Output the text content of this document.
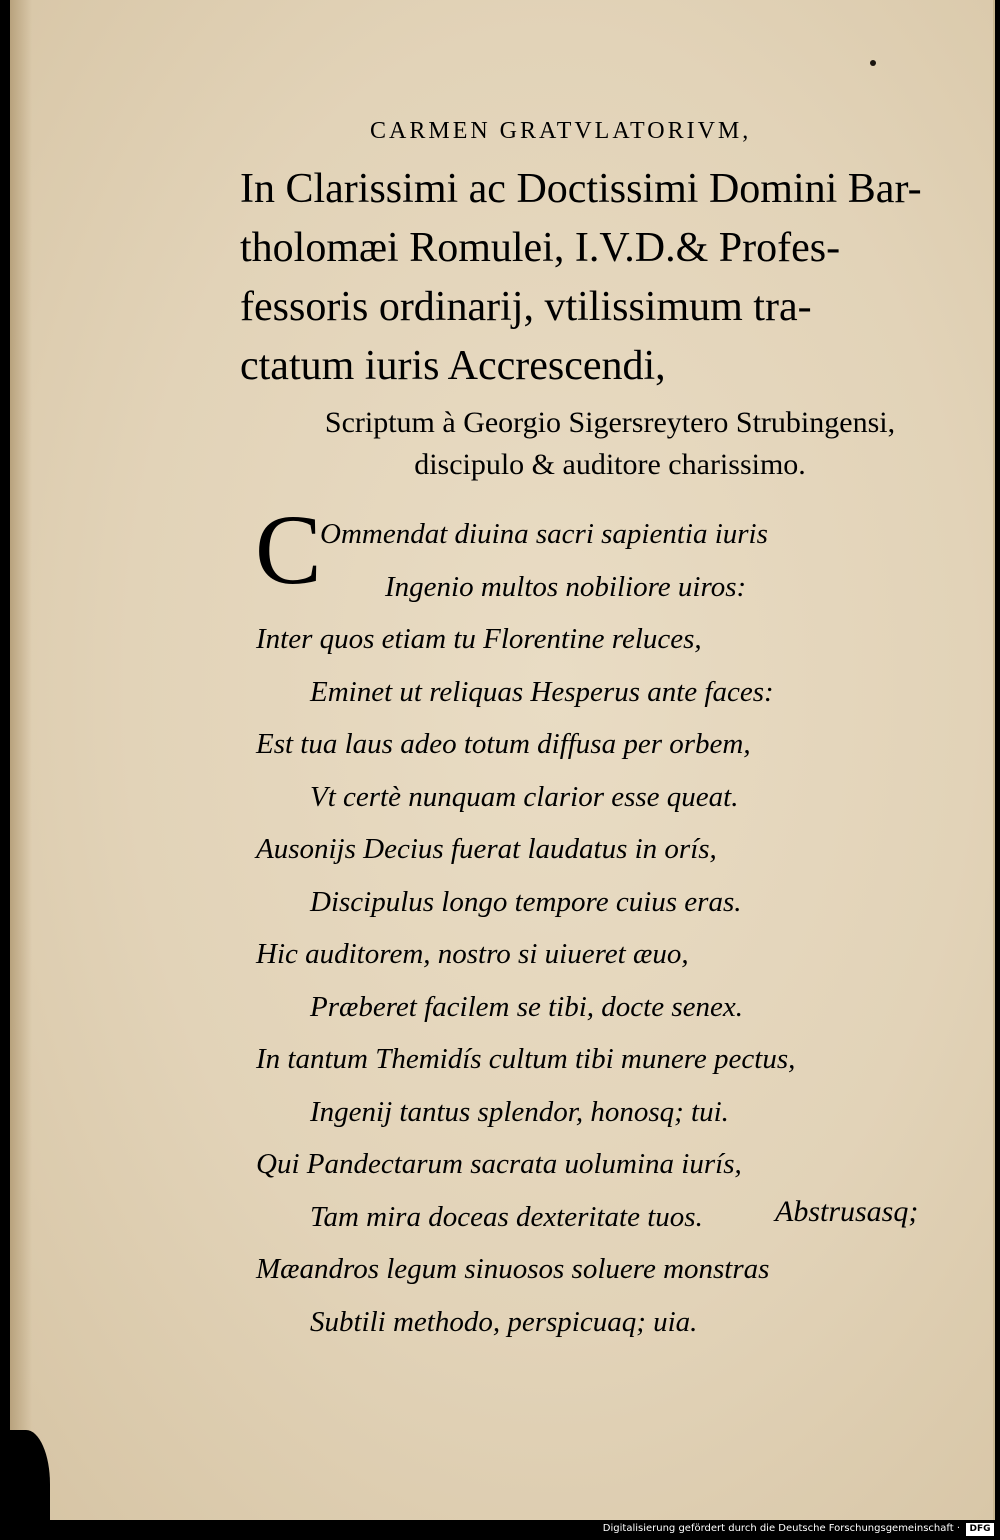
CARMEN GRATVLATORIVM,
In Clarissimi ac Doctissimi Domini Bar-
tholomæi Romulei, I.V.D.& Profes-
fessoris ordinarij, vtilissimum tra-
ctatum iuris Accrescendi,
Scriptum à Georgio Sigersreytero Strubingensi,
discipulo & auditore charissimo.
C
Ommendat diuina sacri sapientia iuris
Ingenio multos nobiliore uiros:
Inter quos etiam tu Florentine reluces,
Eminet ut reliquas Hesperus ante faces:
Est tua laus adeo totum diffusa per orbem,
Vt certè nunquam clarior esse queat.
Ausonijs Decius fuerat laudatus in orís,
Discipulus longo tempore cuius eras.
Hic auditorem, nostro si uiueret æuo,
Præberet facilem se tibi, docte senex.
In tantum Themidís cultum tibi munere pectus,
Ingenij tantus splendor, honosq; tui.
Qui Pandectarum sacrata uolumina iurís,
Tam mira doceas dexteritate tuos.
Mæandros legum sinuosos soluere monstras
Subtili methodo, perspicuaq; uia.
Abstrusasq;
Digitalisierung gefördert durch die Deutsche Forschungsgemeinschaft ·	DFG
